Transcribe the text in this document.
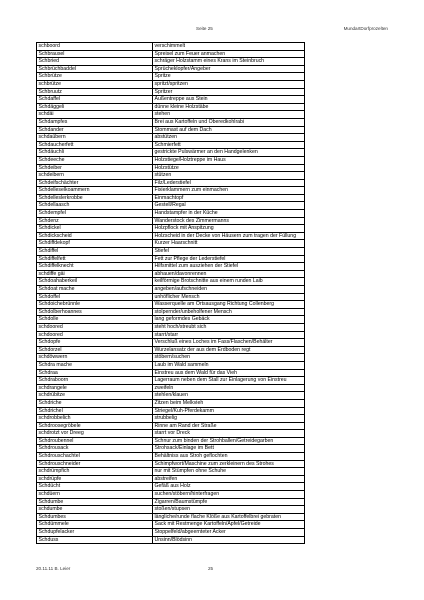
Seite 25	MundartDorfprozelten
schboord	verschimmelt
Schbrausel	Spreisel zum Feuer anmachen
Schbried	schräger Holzstamm eines Krans im Steinbruch
Schbrüchbaddel	Sprücheklopfer/Angeber
Schbrütze	Spritze
schbrütze	spritzt/spritzen
Schbruutz	Spritzer
Schdaffel	Außentreppe aus Stein
Schdäggeli	dünne kleine Holzstäbe
schdäi	stehen
Schdampfes	Brei aus Kartoffeln und Oberedkohlrabi
Schdander	Stommast auf dem Dach
schdaübern	abstützen
Schdaucherfett	Schmierfett
Schdäuchli	gestrickte Pulswärmer an den Handgelenken
Schdeeche	Holzstiege/Holztreppe im Haus
Schdeiber	Holzstütze
schdeibern	stützen
Schdeifschächter	Filz/Lederstiefel
Schdelleselkoammern	Fixierklammern zum einmachen
Schdelleslerkrobbe	Einmachtopf
Schdellaasch	Gestell/Regal
Schdempfel	Handstampfer in der Küche
Schdenz	Wanderstock des Zimmermanns
Schdickel	Holzpflock mit Anspitzung
Schdickscheid	Holzscheid in der Decke von Häusern zum tragen der Füllung
Schdiffdekopf	Kurzer Haarschnitt
Schdiffel	Stiefel
Schdiffelfett	Fett zur Pflege der Lederstiefel
Schdiffelknecht	Hilfsmittel zum ausziehen der Stiefel
schdiffe gäi	abhauen/davonrennen
Schdoahaberkeil	keilförmige Brotschnitte aus einem runden Laib
Schdoat mache	angeben/aufschneiden
Schdoffel	unhöflicher Mensch
Schdoichebrünnle	Wasserquelle am Ortsausgang Richtung Collenberg
Schdolberhoannes	stolpernder/unbeholfener Mensch
Schdolle	lang geformdes Gebäck
schdoored	steht hoch/streubt sich
schdoored	starrt/starr
Schdopfe	Verschluß eines Loches im Fass/Flaschen/Behälter
Schdorzel	Wurzelansatz der aus dem Erdboden regt
schdöwwern	stöbern/suchen
Schdra mache	Laub im Wald sammeln
Schdraa	Einstreu aus dem Wald für das Vieh
Schdraboorn	Lagerraum neben dem Stall zur Einlagerung von Einstreu
schdrangele	zweifeln
schdrübitze	stehlen/klauen
Schdriche	Zitzen beim Melkvieh
Schdrichel	Striegel/Kuh-Pferdekamm
schdrobbelich	strubbelig
Schdroosegröbele	Rinne am Rand der Straße
schdrotzt vor Dreeg	starrt vor Dreck
Schdroubennel	Schnur zum binden der Strohballen/Getreidegarben
Schdrousack	Strohsack/Einlage im Bett
Schdrouschachtel	Behältniss aus Stroh geflochten
Schdrouschneider	Schimpfwort/Maschine zum zerkleinern des Strohes
schdrümpfich	nur mit Stümpfen ohne Schuhe
schdrüpfe	abstreifen
Schdücht	Gefäß aus Holz
schdüern	suchen/stöbern/hinterfragen
Schdumbe	Zigarren/Baumstümpfe
schdumbe	stoßen/stupsen
Schdumbes	längliche/runde flache Klöße aus Kartoffelbrei gebraten
Schdümmele	Sack mit Restmenge Kartoffeln/Äpfel/Getreide
Schdupfelacker	Stoppelfeld/abgeernteter Acker
Schduss	Unsinn/Blödsinn
20.11.11 B. Leier	25
